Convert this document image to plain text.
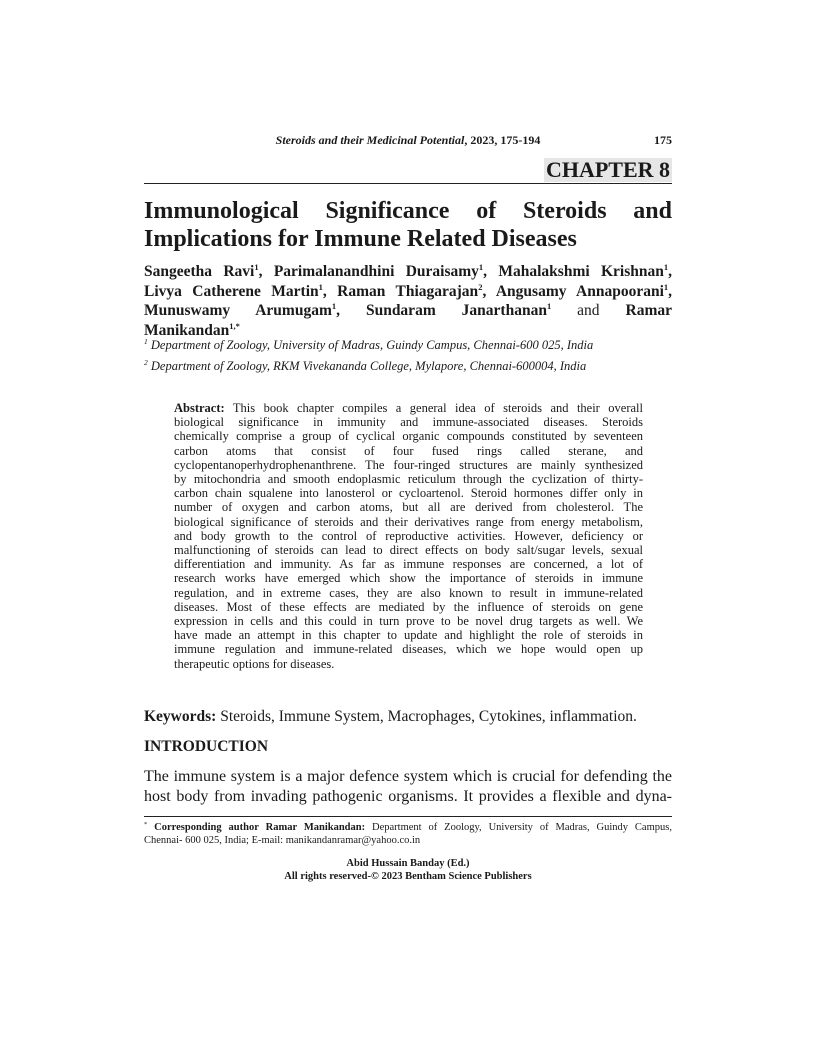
Steroids and their Medicinal Potential, 2023, 175-194	175
CHAPTER 8
Immunological Significance of Steroids and
Implications for Immune Related Diseases

Sangeetha Ravi$^1$, Parimalanandhini Duraisamy$^1$, Mahalakshmi Krishnan$^1$,
Livya Catherene Martin$^1$, Raman Thiagarajan$^2$, Angusamy Annapoorani$^1$,
Munuswamy Arumugam$^1$, Sundaram Janarthanan$^1$ and Ramar
Manikandan$^{1,*}$

$^1$ Department of Zoology, University of Madras, Guindy Campus, Chennai-600 025, India
$^2$ Department of Zoology, RKM Vivekananda College, Mylapore, Chennai-600004, India

Abstract: This book chapter compiles a general idea of steroids and their overall
biological significance in immunity and immune-associated diseases. Steroids
chemically comprise a group of cyclical organic compounds constituted by seventeen
carbon atoms that consist of four fused rings called sterane, and
cyclopentanoperhydrophenanthrene. The four-ringed structures are mainly synthesized
by mitochondria and smooth endoplasmic reticulum through the cyclization of thirty-
carbon chain squalene into lanosterol or cycloartenol. Steroid hormones differ only in
number of oxygen and carbon atoms, but all are derived from cholesterol. The
biological significance of steroids and their derivatives range from energy metabolism,
and body growth to the control of reproductive activities. However, deficiency or
malfunctioning of steroids can lead to direct effects on body salt/sugar levels, sexual
differentiation and immunity. As far as immune responses are concerned, a lot of
research works have emerged which show the importance of steroids in immune
regulation, and in extreme cases, they are also known to result in immune-related
diseases. Most of these effects are mediated by the influence of steroids on gene
expression in cells and this could in turn prove to be novel drug targets as well. We
have made an attempt in this chapter to update and highlight the role of steroids in
immune regulation and immune-related diseases, which we hope would open up
therapeutic options for diseases.

Keywords: Steroids, Immune System, Macrophages, Cytokines, inflammation.

INTRODUCTION

The immune system is a major defence system which is crucial for defending the
host body from invading pathogenic organisms. It provides a flexible and dyna-

* Corresponding author Ramar Manikandan: Department of Zoology, University of Madras, Guindy Campus,
Chennai- 600 025, India; E-mail: manikandanramar@yahoo.co.in

Abid Hussain Banday (Ed.)
All rights reserved-© 2023 Bentham Science Publishers
